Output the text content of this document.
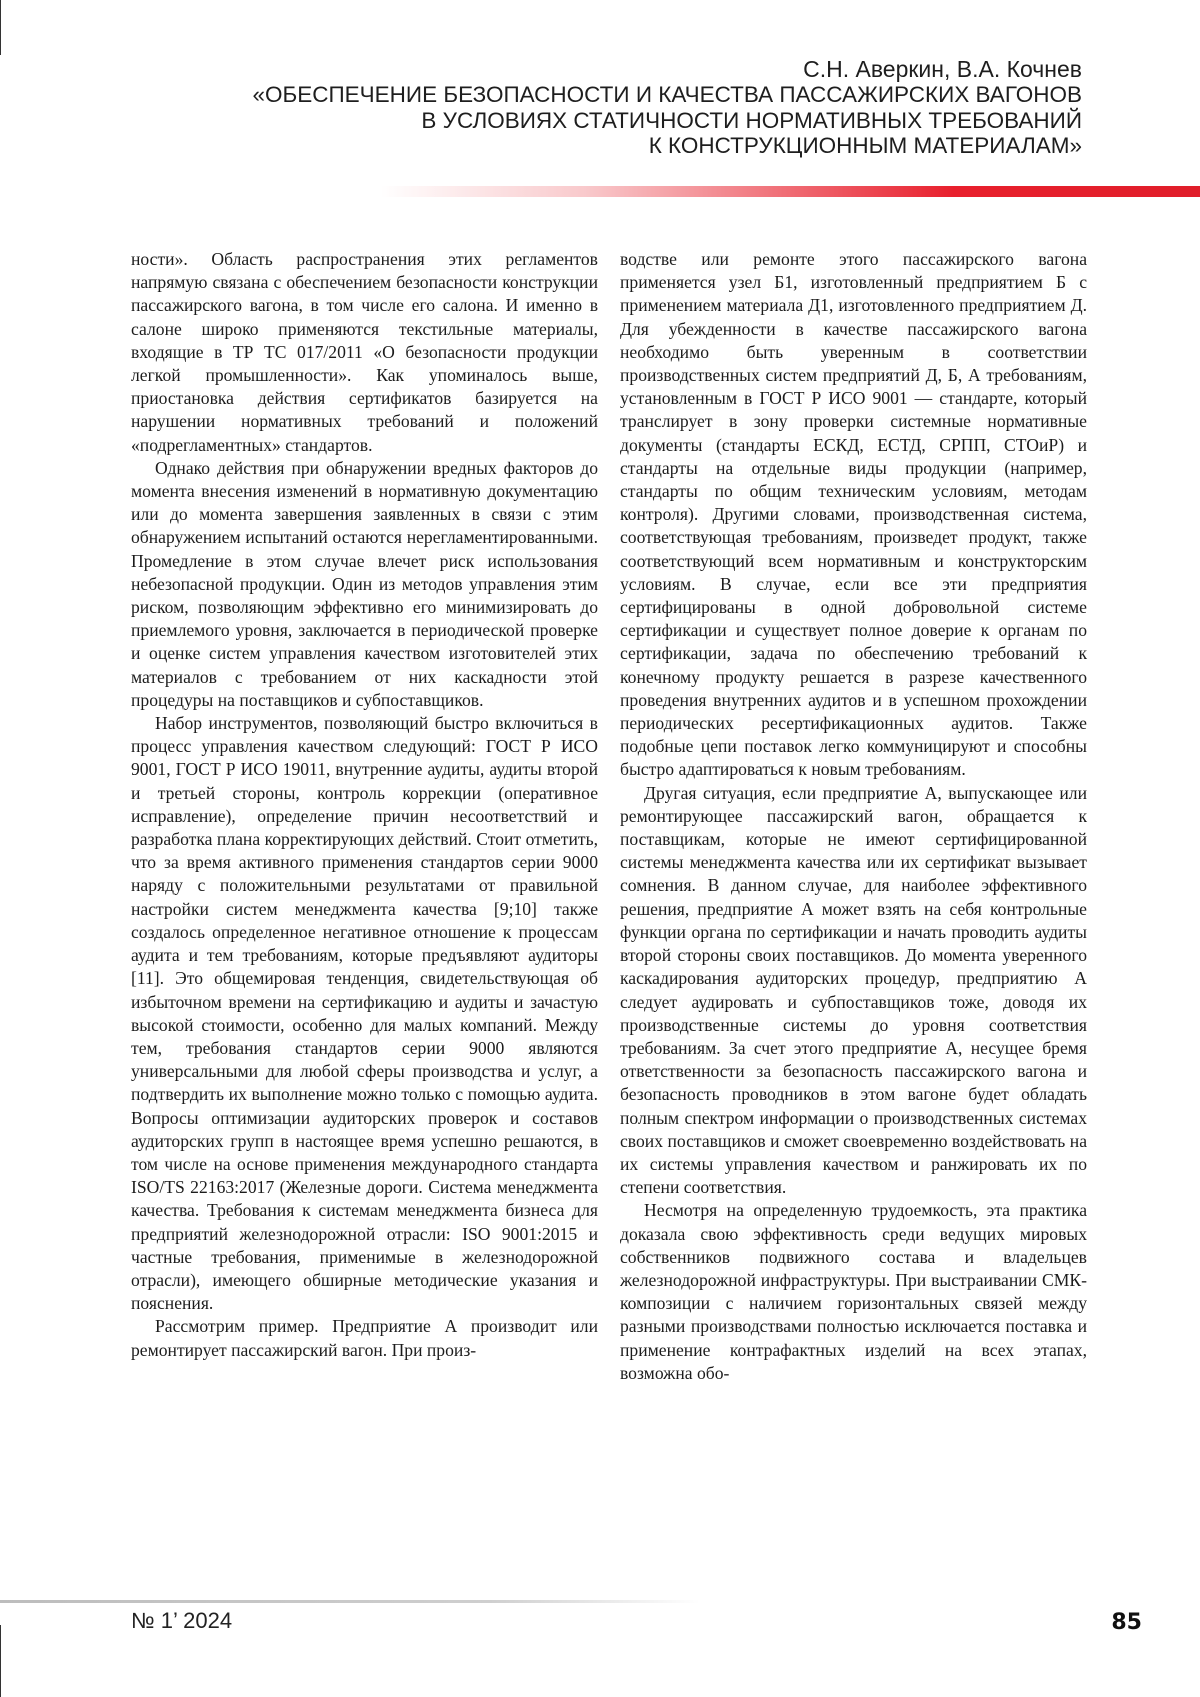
С.Н. Аверкин, В.А. Кочнев
«ОБЕСПЕЧЕНИЕ БЕЗОПАСНОСТИ И КАЧЕСТВА ПАССАЖИРСКИХ ВАГОНОВ
В УСЛОВИЯХ СТАТИЧНОСТИ НОРМАТИВНЫХ ТРЕБОВАНИЙ
К КОНСТРУКЦИОННЫМ МАТЕРИАЛАМ»

ности». Область распространения этих регламентов напрямую связана с обеспечением безопасности конструкции пассажирского вагона, в том числе его салона. И именно в салоне широко применяются текстильные материалы, входящие в ТР ТС 017/2011 «О безопасности продукции легкой промышленности». Как упоминалось выше, приостановка действия сертификатов базируется на нарушении нормативных требований и положений «подрегламентных» стандартов.

Однако действия при обнаружении вредных факторов до момента внесения изменений в нормативную документацию или до момента завершения заявленных в связи с этим обнаружением испытаний остаются нерегламентированными. Промедление в этом случае влечет риск использования небезопасной продукции. Один из методов управления этим риском, позволяющим эффективно его минимизировать до приемлемого уровня, заключается в периодической проверке и оценке систем управления качеством изготовителей этих материалов с требованием от них каскадности этой процедуры на поставщиков и субпоставщиков.

Набор инструментов, позволяющий быстро включиться в процесс управления качеством следующий: ГОСТ Р ИСО 9001, ГОСТ Р ИСО 19011, внутренние аудиты, аудиты второй и третьей стороны, контроль коррекции (оперативное исправление), определение причин несоответствий и разработка плана корректирующих действий. Стоит отметить, что за время активного применения стандартов серии 9000 наряду с положительными результатами от правильной настройки систем менеджмента качества [9;10] также создалось определенное негативное отношение к процессам аудита и тем требованиям, которые предъявляют аудиторы [11]. Это общемировая тенденция, свидетельствующая об избыточном времени на сертификацию и аудиты и зачастую высокой стоимости, особенно для малых компаний. Между тем, требования стандартов серии 9000 являются универсальными для любой сферы производства и услуг, а подтвердить их выполнение можно только с помощью аудита. Вопросы оптимизации аудиторских проверок и составов аудиторских групп в настоящее время успешно решаются, в том числе на основе применения международного стандарта ISO/TS 22163:2017 (Железные дороги. Система менеджмента качества. Требования к системам менеджмента бизнеса для предприятий железнодорожной отрасли: ISO 9001:2015 и частные требования, применимые в железнодорожной отрасли), имеющего обширные методические указания и пояснения.

Рассмотрим пример. Предприятие А производит или ремонтирует пассажирский вагон. При произ-

водстве или ремонте этого пассажирского вагона применяется узел Б1, изготовленный предприятием Б с применением материала Д1, изготовленного предприятием Д. Для убежденности в качестве пассажирского вагона необходимо быть уверенным в соответствии производственных систем предприятий Д, Б, А требованиям, установленным в ГОСТ Р ИСО 9001 — стандарте, который транслирует в зону проверки системные нормативные документы (стандарты ЕСКД, ЕСТД, СРПП, СТОиР) и стандарты на отдельные виды продукции (например, стандарты по общим техническим условиям, методам контроля). Другими словами, производственная система, соответствующая требованиям, произведет продукт, также соответствующий всем нормативным и конструкторским условиям. В случае, если все эти предприятия сертифицированы в одной добровольной системе сертификации и существует полное доверие к органам по сертификации, задача по обеспечению требований к конечному продукту решается в разрезе качественного проведения внутренних аудитов и в успешном прохождении периодических ресертификационных аудитов. Также подобные цепи поставок легко коммуницируют и способны быстро адаптироваться к новым требованиям.

Другая ситуация, если предприятие А, выпускающее или ремонтирующее пассажирский вагон, обращается к поставщикам, которые не имеют сертифицированной системы менеджмента качества или их сертификат вызывает сомнения. В данном случае, для наиболее эффективного решения, предприятие А может взять на себя контрольные функции органа по сертификации и начать проводить аудиты второй стороны своих поставщиков. До момента уверенного каскадирования аудиторских процедур, предприятию А следует аудировать и субпоставщиков тоже, доводя их производственные системы до уровня соответствия требованиям. За счет этого предприятие А, несущее бремя ответственности за безопасность пассажирского вагона и безопасность проводников в этом вагоне будет обладать полным спектром информации о производственных системах своих поставщиков и сможет своевременно воздействовать на их системы управления качеством и ранжировать их по степени соответствия.

Несмотря на определенную трудоемкость, эта практика доказала свою эффективность среди ведущих мировых собственников подвижного состава и владельцев железнодорожной инфраструктуры. При выстраивании СМК-композиции с наличием горизонтальных связей между разными производствами полностью исключается поставка и применение контрафактных изделий на всех этапах, возможна обо-

№ 1’ 2024	85
